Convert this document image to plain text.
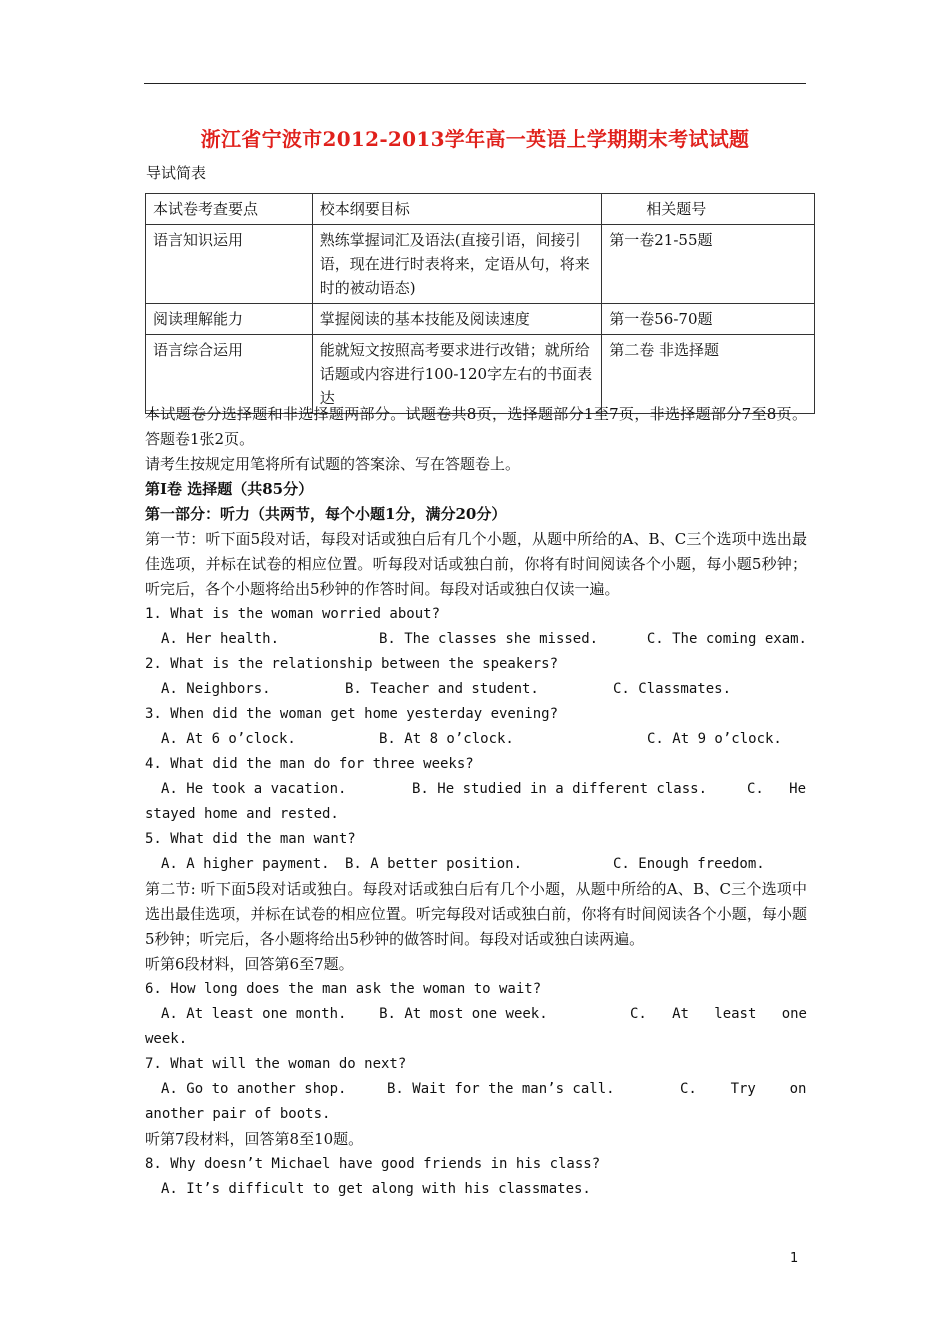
浙江省宁波市2012-2013学年高一英语上学期期末考试试题
导试简表
本试卷考查要点	校本纲要目标	相关题号
语言知识运用	熟练掌握词汇及语法(直接引语，间接引语，现在进行时表将来，定语从句，将来时的被动语态)	第一卷21-55题
阅读理解能力	掌握阅读的基本技能及阅读速度	第一卷56-70题
语言综合运用	能就短文按照高考要求进行改错；就所给话题或内容进行100-120字左右的书面表达	第二卷 非选择题

本试题卷分选择题和非选择题两部分。试题卷共8页，选择题部分1至7页，非选择题部分7至8页。答题卷1张2页。

请考生按规定用笔将所有试题的答案涂、写在答题卷上。

第Ⅰ卷 选择题（共85分）

第一部分：听力（共两节，每个小题1分，满分20分）

第一节：听下面5段对话，每段对话或独白后有几个小题，从题中所给的A、B、C三个选项中选出最佳选项，并标在试卷的相应位置。听每段对话或独白前，你将有时间阅读各个小题，每小题5秒钟；听完后，各个小题将给出5秒钟的作答时间。每段对话或独白仅读一遍。

1. What is the woman worried about?
A. Her health.	B. The classes she missed.	C. The coming exam.
2. What is the relationship between the speakers?
A. Neighbors.	B. Teacher and student.	C. Classmates.
3. When did the woman get home yesterday evening?
A. At 6 o’clock.	B. At 8 o’clock.	C. At 9 o’clock.
4. What did the man do for three weeks?
A. He took a vacation.	B. He studied in a different class.	C.   He
stayed home and rested.
5. What did the man want?
A. A higher payment.	B. A better position.	C. Enough freedom.

第二节: 听下面5段对话或独白。每段对话或独白后有几个小题，从题中所给的A、B、C三个选项中选出最佳选项，并标在试卷的相应位置。听完每段对话或独白前，你将有时间阅读各个小题，每小题5秒钟；听完后，各小题将给出5秒钟的做答时间。每段对话或独白读两遍。

听第6段材料，回答第6至7题。

6. How long does the man ask the woman to wait?
A. At least one month.	B. At most one week.	C.   At   least   one
week.
7. What will the woman do next?
A. Go to another shop.	B. Wait for the man’s call.	C.    Try    on
another pair of boots.

听第7段材料，回答第8至10题。

8. Why doesn’t Michael have good friends in his class?
A. It’s difficult to get along with his classmates.
1
